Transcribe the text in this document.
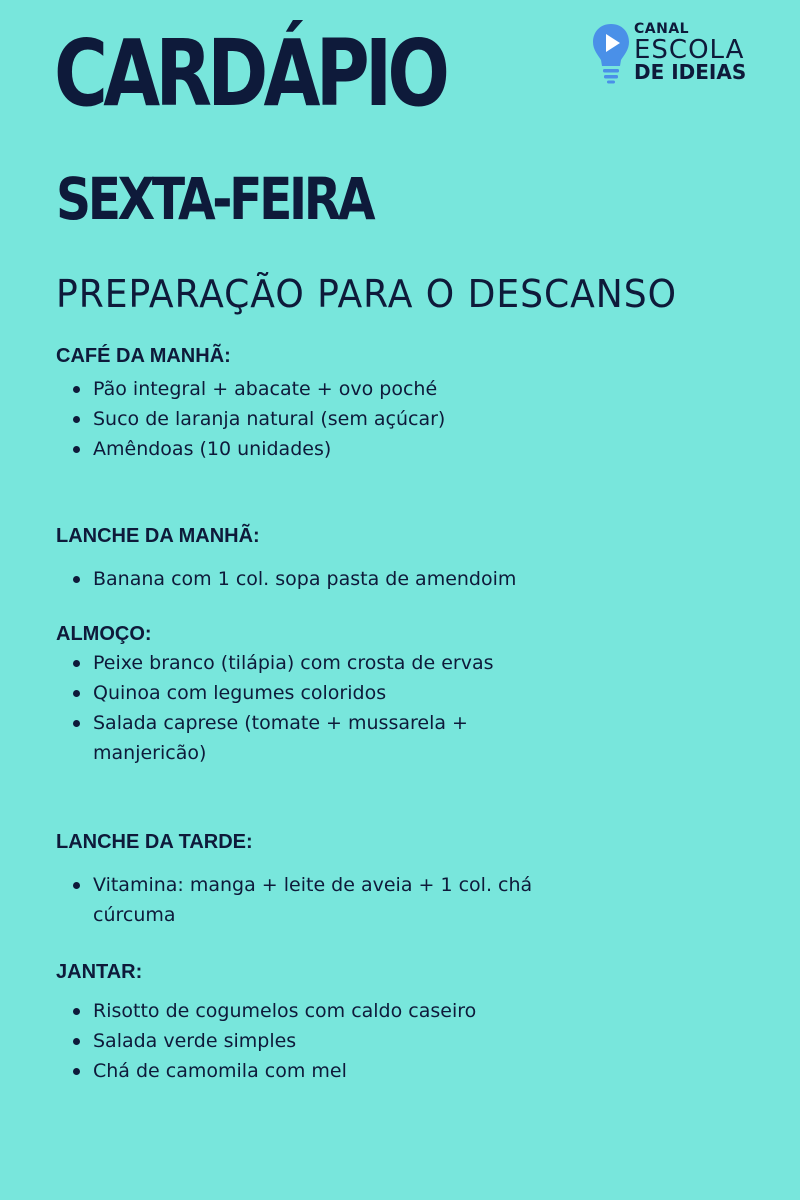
CARDÁPIO
SEXTA-FEIRA
PREPARAÇÃO PARA O DESCANSO
CANAL
ESCOLA
DE IDEIAS
CAFÉ DA MANHÃ:
Pão integral + abacate + ovo poché
Suco de laranja natural (sem açúcar)
Amêndoas (10 unidades)
LANCHE DA MANHÃ:
Banana com 1 col. sopa pasta de amendoim
ALMOÇO:
Peixe branco (tilápia) com crosta de ervas
Quinoa com legumes coloridos
Salada caprese (tomate + mussarela + manjericão)
LANCHE DA TARDE:
Vitamina: manga + leite de aveia + 1 col. chá cúrcuma
JANTAR:
Risotto de cogumelos com caldo caseiro
Salada verde simples
Chá de camomila com mel
